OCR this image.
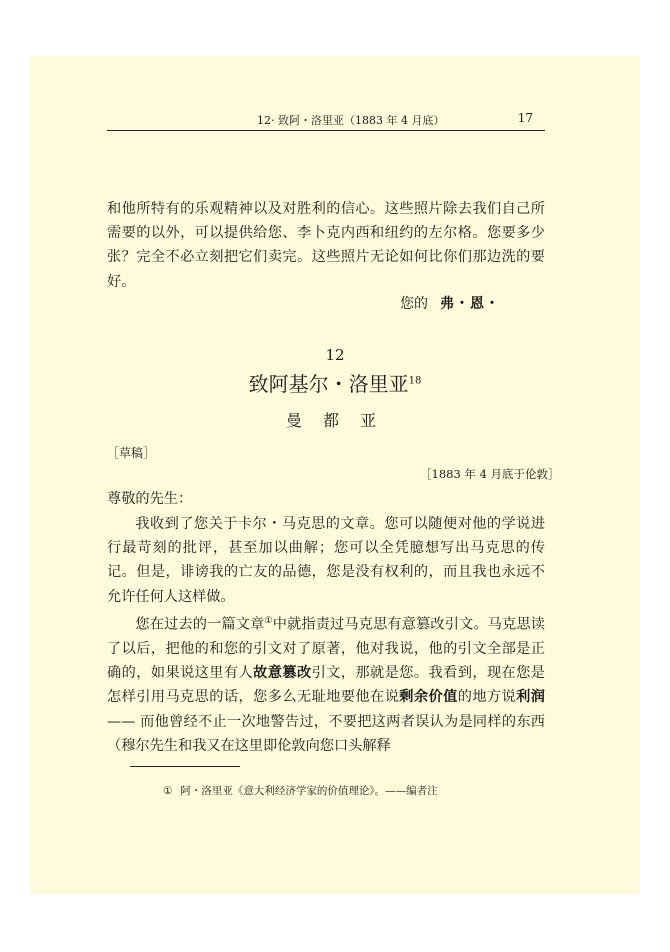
12· 致阿・洛里亚（1883 年 4 月底）	17

和他所特有的乐观精神以及对胜利的信心。这些照片除去我们自己所需要的以外，可以提供给您、李卜克内西和纽约的左尔格。您要多少张？完全不必立刻把它们卖完。这些照片无论如何比你们那边洗的要好。

您的 弗・恩・
12
致阿基尔・洛里亚$^{18}$
曼 都 亚
［草稿］
［1883 年 4 月底于伦敦］
尊敬的先生：

我收到了您关于卡尔・马克思的文章。您可以随便对他的学说进行最苛刻的批评，甚至加以曲解；您可以全凭臆想写出马克思的传记。但是，诽谤我的亡友的品德，您是没有权利的，而且我也永远不允许任何人这样做。

您在过去的一篇文章①中就指责过马克思有意篡改引文。马克思读了以后，把他的和您的引文对了原著，他对我说，他的引文全部是正确的，如果说这里有人故意篡改引文，那就是您。我看到，现在您是怎样引用马克思的话，您多么无耻地要他在说剩余价值的地方说利润—— 而他曾经不止一次地警告过，不要把这两者误认为是同样的东西（穆尔先生和我又在这里即伦敦向您口头解释

① 阿・洛里亚《意大利经济学家的价值理论》。——编者注
